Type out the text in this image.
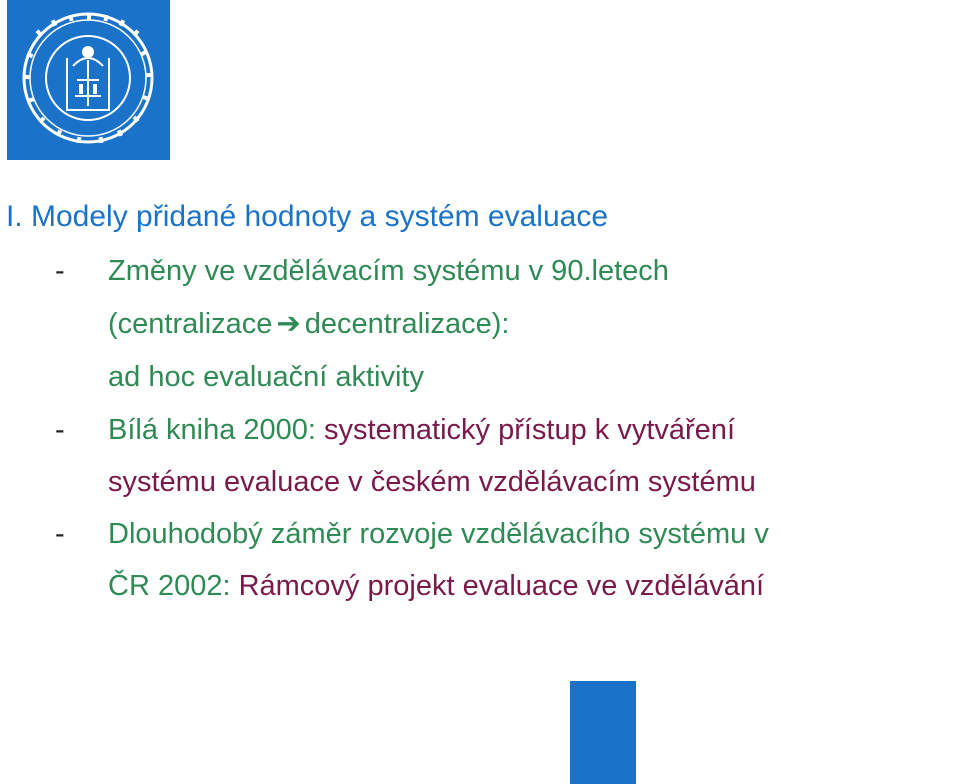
I. Modely přidané hodnoty a systém evaluace
- Změny ve vzdělávacím systému v 90.letech
(centralizace ➔ decentralizace):
ad hoc evaluační aktivity
- Bílá kniha 2000: systematický přístup k vytváření
systému evaluace v českém vzdělávacím systému
- Dlouhodobý záměr rozvoje vzdělávacího systému v
ČR 2002: Rámcový projekt evaluace ve vzdělávání
